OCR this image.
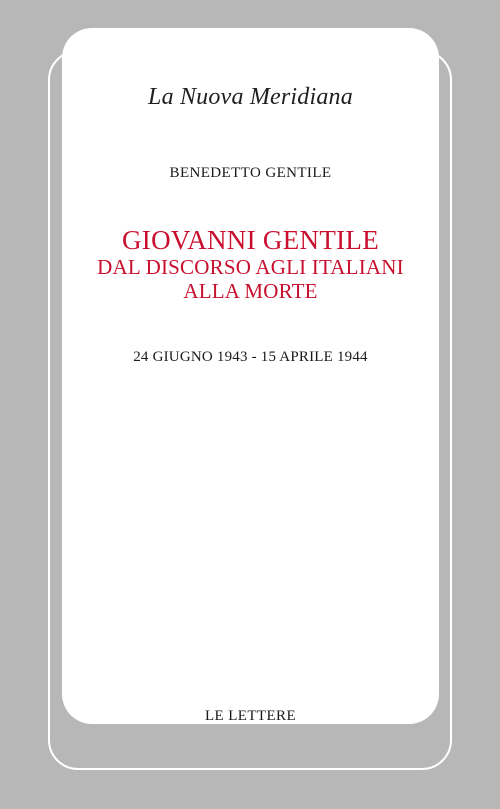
La Nuova Meridiana
BENEDETTO GENTILE
GIOVANNI GENTILE
DAL DISCORSO AGLI ITALIANI
ALLA MORTE
24 GIUGNO 1943 - 15 APRILE 1944
LE LETTERE
